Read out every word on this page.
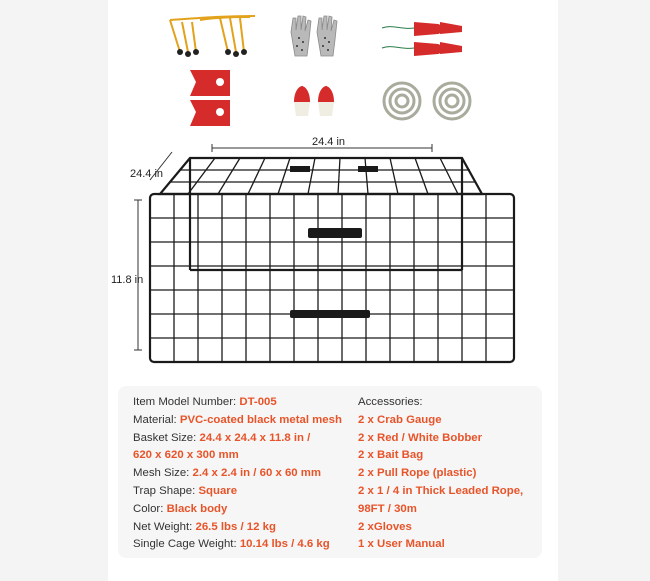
24.4 in
24.4 in
11.8 in
Item Model Number: DT-005
Material: PVC-coated black metal mesh
Basket Size: 24.4 x 24.4 x 11.8 in /
620 x 620 x 300 mm
Mesh Size: 2.4 x 2.4 in / 60 x 60 mm
Trap Shape: Square
Color: Black body
Net Weight: 26.5 lbs / 12 kg
Single Cage Weight: 10.14 lbs / 4.6 kg
Accessories:
2 x Crab Gauge
2 x Red / White Bobber
2 x Bait Bag
2 x Pull Rope (plastic)
2 x 1 / 4 in Thick Leaded Rope,
98FT / 30m
2 xGloves
1 x User Manual
